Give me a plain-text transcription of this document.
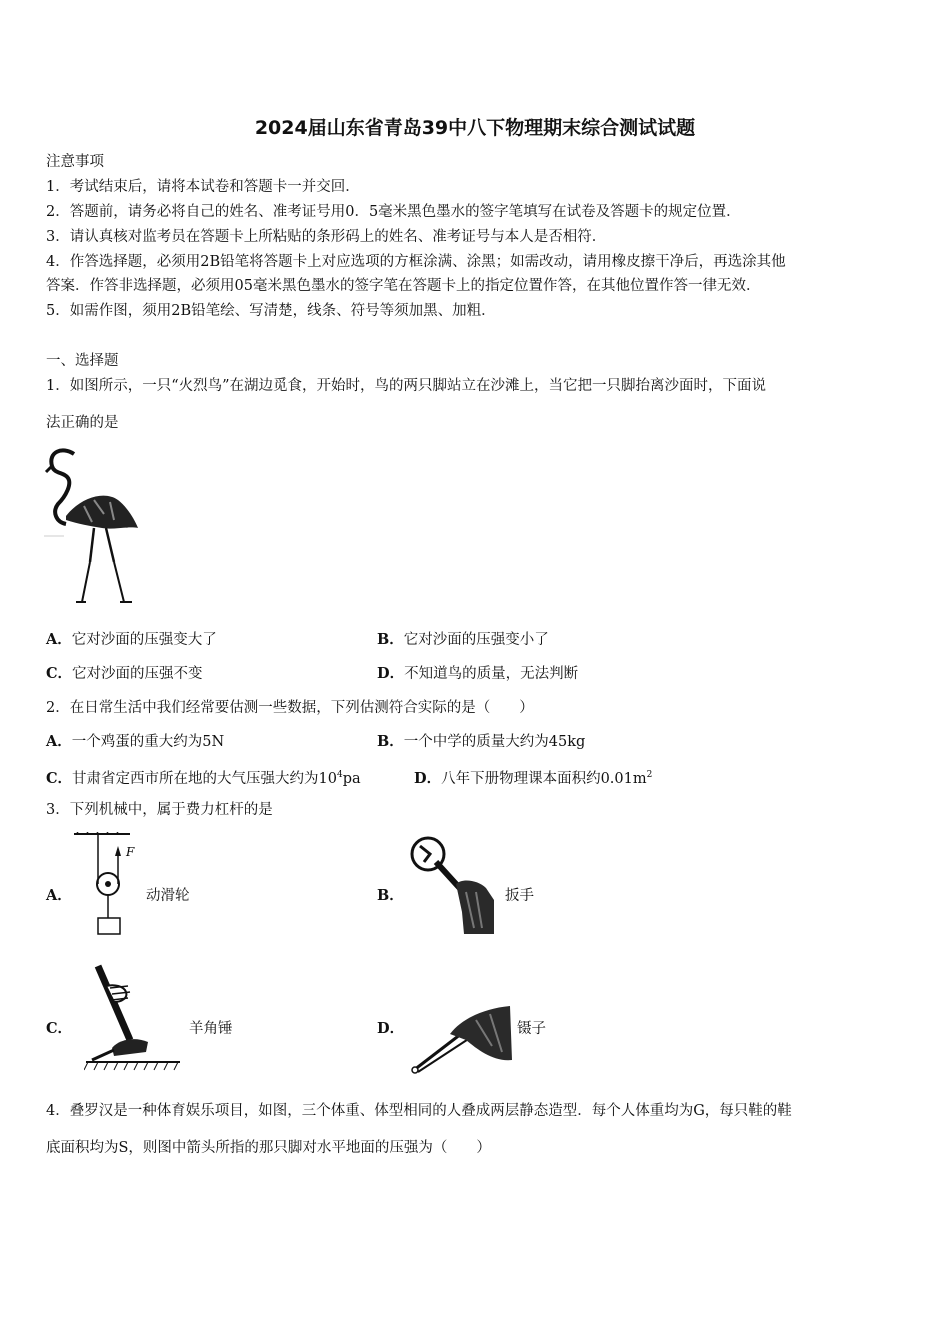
2024届山东省青岛39中八下物理期末综合测试试题
注意事项
1．考试结束后，请将本试卷和答题卡一并交回．
2．答题前，请务必将自己的姓名、准考证号用0．5毫米黑色墨水的签字笔填写在试卷及答题卡的规定位置．
3．请认真核对监考员在答题卡上所粘贴的条形码上的姓名、准考证号与本人是否相符．
4．作答选择题，必须用2B铅笔将答题卡上对应选项的方框涂满、涂黑；如需改动，请用橡皮擦干净后，再选涂其他
答案．作答非选择题，必须用05毫米黑色墨水的签字笔在答题卡上的指定位置作答，在其他位置作答一律无效．
5．如需作图，须用2B铅笔绘、写清楚，线条、符号等须加黑、加粗．
一、选择题
1．如图所示，一只“火烈鸟”在湖边觅食，开始时，鸟的两只脚站立在沙滩上，当它把一只脚抬离沙面时，下面说
法正确的是
A．它对沙面的压强变大了	B．它对沙面的压强变小了
C．它对沙面的压强不变	D．不知道鸟的质量，无法判断
2．在日常生活中我们经常要估测一些数据，下列估测符合实际的是（　　）
A．一个鸡蛋的重大约为5N	B．一个中学的质量大约为45kg
C．甘肃省定西市所在地的大气压强大约为$10^4pa$	D．八年下册物理课本面积约$0.01m^2$
3．下列机械中，属于费力杠杆的是
A．
F
动滑轮	B．	扳手
C．	羊角锤	D．	镊子
4．叠罗汉是一种体育娱乐项目，如图，三个体重、体型相同的人叠成两层静态造型．每个人体重均为G，每只鞋的鞋
底面积均为S，则图中箭头所指的那只脚对水平地面的压强为（　　）
